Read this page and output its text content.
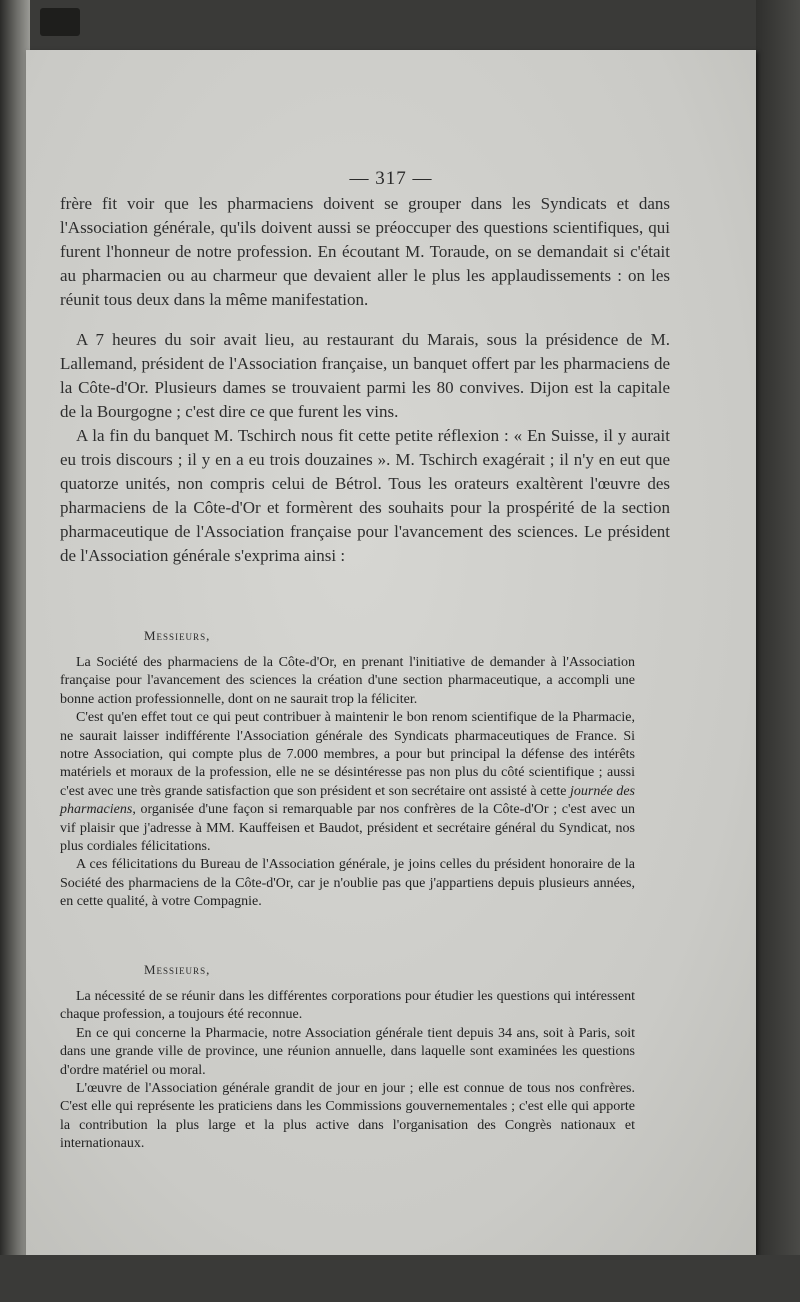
— 317 —

frère fit voir que les pharmaciens doivent se grouper dans les Syndicats et dans l'Association générale, qu'ils doivent aussi se préoccuper des questions scientifiques, qui furent l'honneur de notre profession. En écoutant M. Toraude, on se demandait si c'était au pharmacien ou au charmeur que devaient aller le plus les applaudissements : on les réunit tous deux dans la même manifestation.

A 7 heures du soir avait lieu, au restaurant du Marais, sous la présidence de M. Lallemand, président de l'Association française, un banquet offert par les pharmaciens de la Côte-d'Or. Plusieurs dames se trouvaient parmi les 80 convives. Dijon est la capitale de la Bourgogne ; c'est dire ce que furent les vins.

A la fin du banquet M. Tschirch nous fit cette petite réflexion : « En Suisse, il y aurait eu trois discours ; il y en a eu trois douzaines ». M. Tschirch exagérait ; il n'y en eut que quatorze unités, non compris celui de Bétrol. Tous les orateurs exaltèrent l'œuvre des pharmaciens de la Côte-d'Or et formèrent des souhaits pour la prospérité de la section pharmaceutique de l'Association française pour l'avancement des sciences. Le président de l'Association générale s'exprima ainsi :

Messieurs,

La Société des pharmaciens de la Côte-d'Or, en prenant l'initiative de demander à l'Association française pour l'avancement des sciences la création d'une section pharmaceutique, a accompli une bonne action professionnelle, dont on ne saurait trop la féliciter.

C'est qu'en effet tout ce qui peut contribuer à maintenir le bon renom scientifique de la Pharmacie, ne saurait laisser indifférente l'Association générale des Syndicats pharmaceutiques de France. Si notre Association, qui compte plus de 7.000 membres, a pour but principal la défense des intérêts matériels et moraux de la profession, elle ne se désintéresse pas non plus du côté scientifique ; aussi c'est avec une très grande satisfaction que son président et son secrétaire ont assisté à cette journée des pharmaciens, organisée d'une façon si remarquable par nos confrères de la Côte-d'Or ; c'est avec un vif plaisir que j'adresse à MM. Kauffeisen et Baudot, président et secrétaire général du Syndicat, nos plus cordiales félicitations.

A ces félicitations du Bureau de l'Association générale, je joins celles du président honoraire de la Société des pharmaciens de la Côte-d'Or, car je n'oublie pas que j'appartiens depuis plusieurs années, en cette qualité, à votre Compagnie.

Messieurs,

La nécessité de se réunir dans les différentes corporations pour étudier les questions qui intéressent chaque profession, a toujours été reconnue.

En ce qui concerne la Pharmacie, notre Association générale tient depuis 34 ans, soit à Paris, soit dans une grande ville de province, une réunion annuelle, dans laquelle sont examinées les questions d'ordre matériel ou moral.

L'œuvre de l'Association générale grandit de jour en jour ; elle est connue de tous nos confrères. C'est elle qui représente les praticiens dans les Commissions gouvernementales ; c'est elle qui apporte la contribution la plus large et la plus active dans l'organisation des Congrès nationaux et internationaux.
